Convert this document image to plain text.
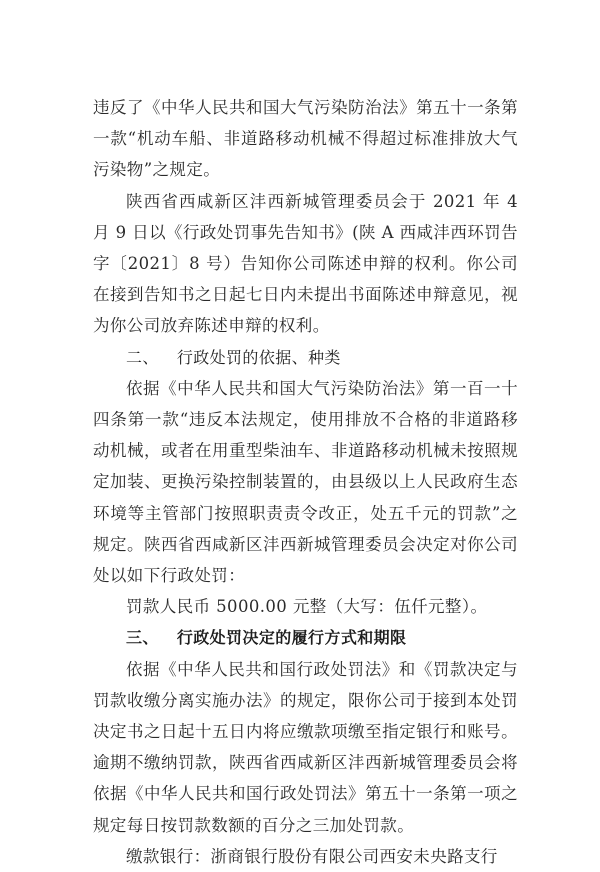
违反了《中华人民共和国大气污染防治法》第五十一条第一款“机动车船、非道路移动机械不得超过标准排放大气污染物”之规定。

陕西省西咸新区沣西新城管理委员会于 2021 年 4 月 9 日以《行政处罚事先告知书》(陕 A 西咸沣西环罚告字〔2021〕8 号）告知你公司陈述申辩的权利。你公司在接到告知书之日起七日内未提出书面陈述申辩意见，视为你公司放弃陈述申辩的权利。

二、 行政处罚的依据、种类

依据《中华人民共和国大气污染防治法》第一百一十四条第一款“违反本法规定，使用排放不合格的非道路移动机械，或者在用重型柴油车、非道路移动机械未按照规定加装、更换污染控制装置的，由县级以上人民政府生态环境等主管部门按照职责责令改正，处五千元的罚款”之规定。陕西省西咸新区沣西新城管理委员会决定对你公司处以如下行政处罚：

罚款人民币 5000.00 元整（大写：伍仟元整）。

三、 行政处罚决定的履行方式和期限

依据《中华人民共和国行政处罚法》和《罚款决定与罚款收缴分离实施办法》的规定，限你公司于接到本处罚决定书之日起十五日内将应缴款项缴至指定银行和账号。逾期不缴纳罚款，陕西省西咸新区沣西新城管理委员会将依据《中华人民共和国行政处罚法》第五十一条第一项之规定每日按罚款数额的百分之三加处罚款。

缴款银行：浙商银行股份有限公司西安未央路支行
